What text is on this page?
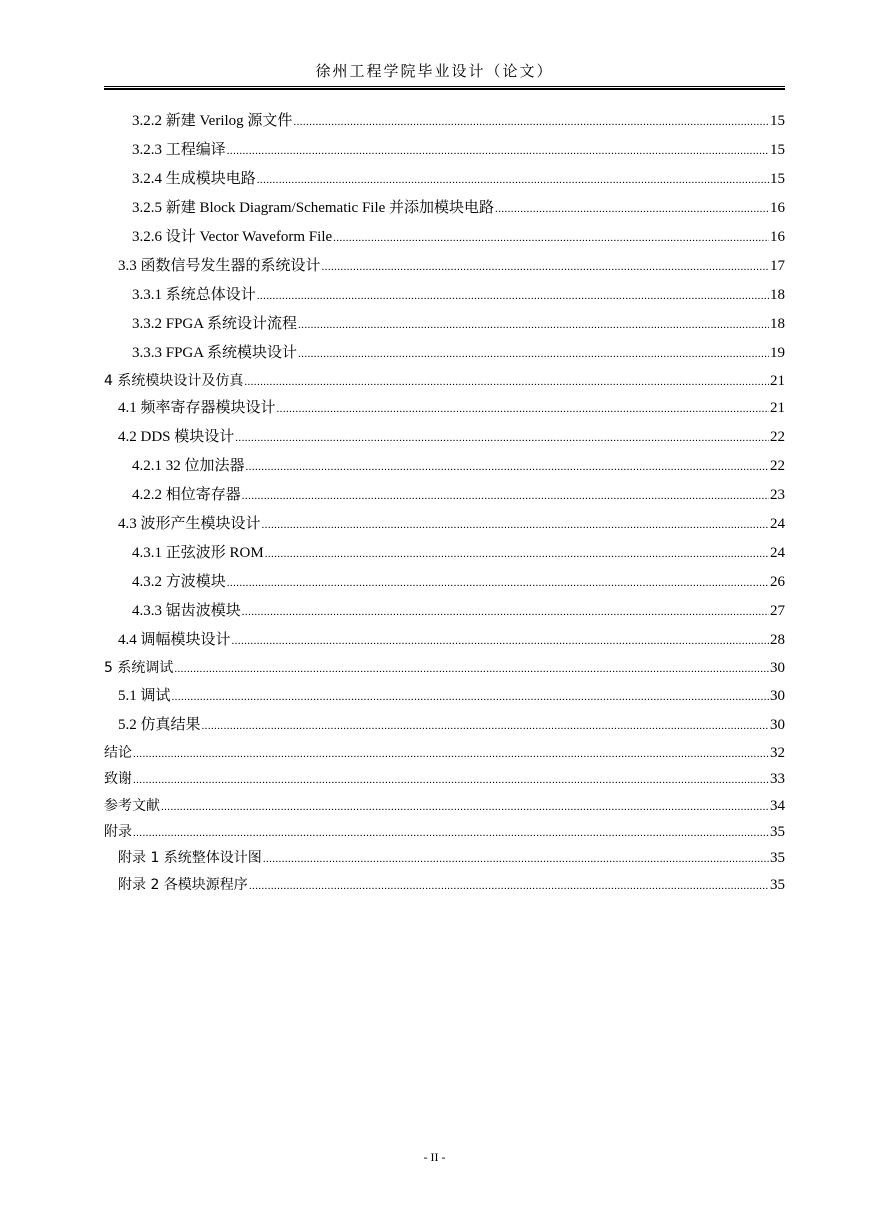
徐州工程学院毕业设计（论文）
3.2.2 新建 Verilog 源文件 .....	15
3.2.3 工程编译 .....	15
3.2.4 生成模块电路 .....	15
3.2.5 新建 Block Diagram/Schematic File 并添加模块电路 .....	16
3.2.6 设计 Vector Waveform File .....	16
3.3 函数信号发生器的系统设计 .....	17
3.3.1 系统总体设计 .....	18
3.3.2 FPGA 系统设计流程 .....	18
3.3.3 FPGA 系统模块设计 .....	19
4 系统模块设计及仿真 .....	21
4.1 频率寄存器模块设计 .....	21
4.2 DDS 模块设计 .....	22
4.2.1 32 位加法器 .....	22
4.2.2 相位寄存器 .....	23
4.3 波形产生模块设计 .....	24
4.3.1 正弦波形 ROM .....	24
4.3.2 方波模块 .....	26
4.3.3 锯齿波模块 .....	27
4.4 调幅模块设计 .....	28
5 系统调试 .....	30
5.1 调试 .....	30
5.2 仿真结果 .....	30
结论 .....	32
致谢 .....	33
参考文献 .....	34
附录 .....	35
附录 1 系统整体设计图 .....	35
附录 2 各模块源程序 .....	35
- II -
